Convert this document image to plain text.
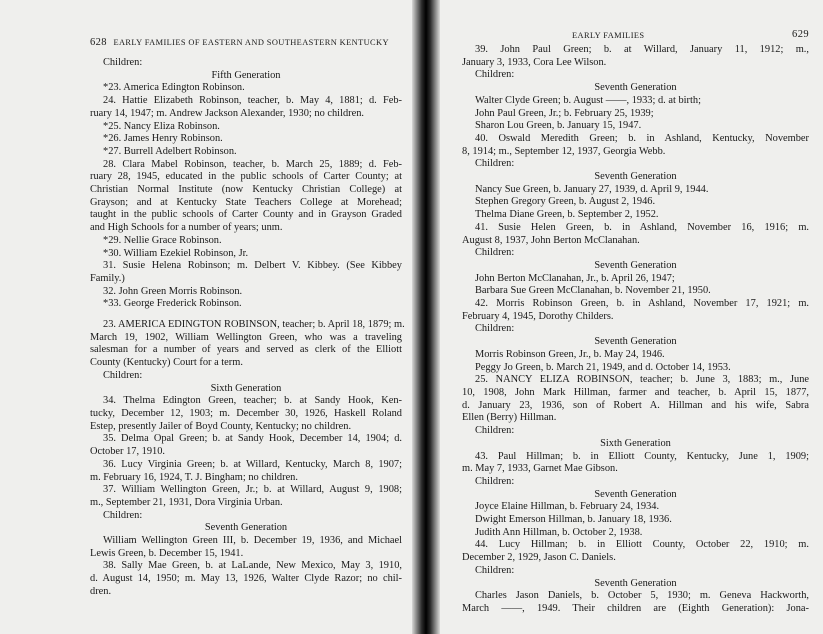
628 EARLY FAMILIES OF EASTERN AND SOUTHEASTERN KENTUCKY
Children:
Fifth Generation
*23. America Edington Robinson.
24. Hattie Elizabeth Robinson, teacher, b. May 4, 1881; d. Feb-
ruary 14, 1947; m. Andrew Jackson Alexander, 1930; no children.
*25. Nancy Eliza Robinson.
*26. James Henry Robinson.
*27. Burrell Adelbert Robinson.
28. Clara Mabel Robinson, teacher, b. March 25, 1889; d. Feb-
ruary 28, 1945, educated in the public schools of Carter County; at
Christian Normal Institute (now Kentucky Christian College) at
Grayson; and at Kentucky State Teachers College at Morehead;
taught in the public schools of Carter County and in Grayson Graded
and High Schools for a number of years; unm.
*29. Nellie Grace Robinson.
*30. William Ezekiel Robinson, Jr.
31. Susie Helena Robinson; m. Delbert V. Kibbey. (See Kibbey
Family.)
32. John Green Morris Robinson.
*33. George Frederick Robinson.
23. AMERICA EDINGTON ROBINSON, teacher; b. April 18, 1879; m.
March 19, 1902, William Wellington Green, who was a traveling
salesman for a number of years and served as clerk of the Elliott
County (Kentucky) Court for a term.
Children:
Sixth Generation
34. Thelma Edington Green, teacher; b. at Sandy Hook, Ken-
tucky, December 12, 1903; m. December 30, 1926, Haskell Roland
Estep, presently Jailer of Boyd County, Kentucky; no children.
35. Delma Opal Green; b. at Sandy Hook, December 14, 1904; d.
October 17, 1910.
36. Lucy Virginia Green; b. at Willard, Kentucky, March 8, 1907;
m. February 16, 1924, T. J. Bingham; no children.
37. William Wellington Green, Jr.; b. at Willard, August 9, 1908;
m., September 21, 1931, Dora Virginia Urban.
Children:
Seventh Generation
William Wellington Green III, b. December 19, 1936, and Michael
Lewis Green, b. December 15, 1941.
38. Sally Mae Green, b. at LaLande, New Mexico, May 3, 1910,
d. August 14, 1950; m. May 13, 1926, Walter Clyde Razor; no chil-
dren.
EARLY FAMILIES	629
39. John Paul Green; b. at Willard, January 11, 1912; m.,
January 3, 1933, Cora Lee Wilson.
Children:
Seventh Generation
Walter Clyde Green; b. August ——, 1933; d. at birth;
John Paul Green, Jr.; b. February 25, 1939;
Sharon Lou Green, b. January 15, 1947.
40. Oswald Meredith Green; b. in Ashland, Kentucky, November
8, 1914; m., September 12, 1937, Georgia Webb.
Children:
Seventh Generation
Nancy Sue Green, b. January 27, 1939, d. April 9, 1944.
Stephen Gregory Green, b. August 2, 1946.
Thelma Diane Green, b. September 2, 1952.
41. Susie Helen Green, b. in Ashland, November 16, 1916; m.
August 8, 1937, John Berton McClanahan.
Children:
Seventh Generation
John Berton McClanahan, Jr., b. April 26, 1947;
Barbara Sue Green McClanahan, b. November 21, 1950.
42. Morris Robinson Green, b. in Ashland, November 17, 1921; m.
February 4, 1945, Dorothy Childers.
Children:
Seventh Generation
Morris Robinson Green, Jr., b. May 24, 1946.
Peggy Jo Green, b. March 21, 1949, and d. October 14, 1953.
25. NANCY ELIZA ROBINSON, teacher; b. June 3, 1883; m., June
10, 1908, John Mark Hillman, farmer and teacher, b. April 15, 1877,
d. January 23, 1936, son of Robert A. Hillman and his wife, Sabra
Ellen (Berry) Hillman.
Children:
Sixth Generation
43. Paul Hillman; b. in Elliott County, Kentucky, June 1, 1909;
m. May 7, 1933, Garnet Mae Gibson.
Children:
Seventh Generation
Joyce Elaine Hillman, b. February 24, 1934.
Dwight Emerson Hillman, b. January 18, 1936.
Judith Ann Hillman, b. October 2, 1938.
44. Lucy Hillman; b. in Elliott County, October 22, 1910; m.
December 2, 1929, Jason C. Daniels.
Children:
Seventh Generation
Charles Jason Daniels, b. October 5, 1930; m. Geneva Hackworth,
March ——, 1949. Their children are (Eighth Generation): Jona-
